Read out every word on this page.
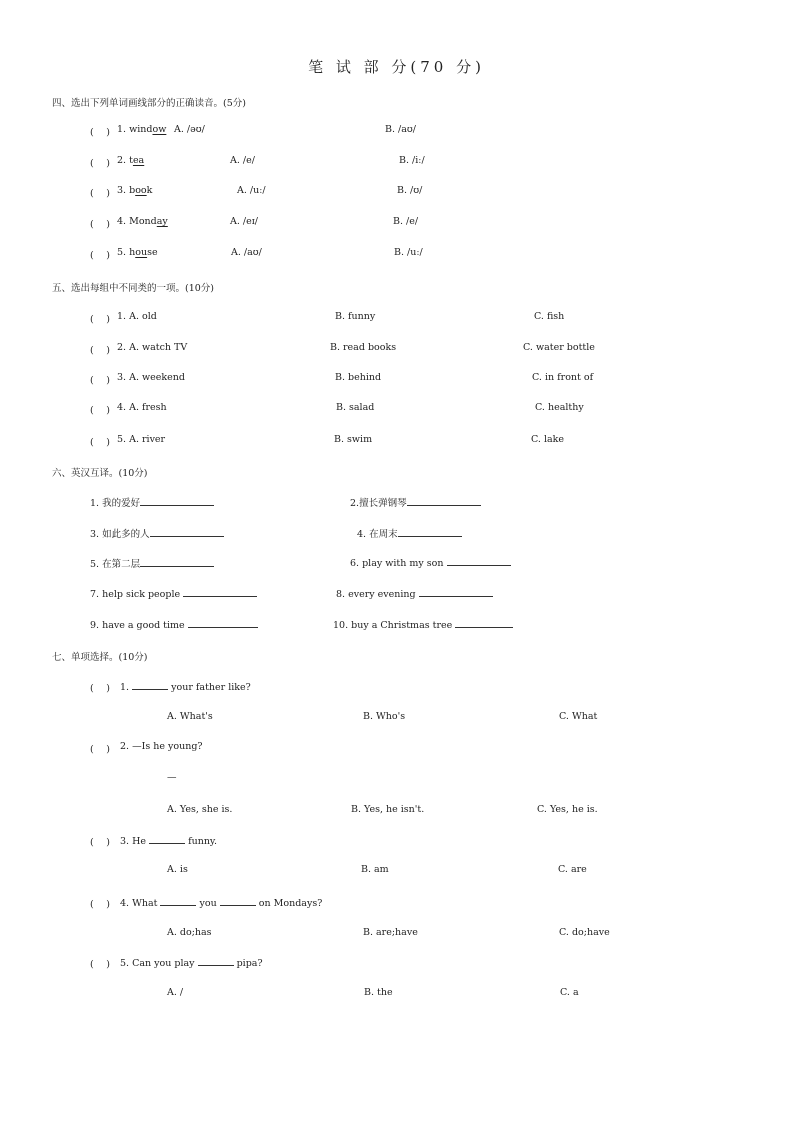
笔 试 部 分(70 分)
四、选出下列单词画线部分的正确读音。(5分)
(　 ) 1. window A. /əʊ/	B. /aʊ/
(　 ) 2. tea	A. /e/	B. /iː/
(　 ) 3. book	A. /uː/	B. /ʊ/
(　 ) 4. Monday	A. /eɪ/	B. /e/
(　 ) 5. house	A. /aʊ/	B. /uː/
五、选出每组中不同类的一项。(10分)
(　 ) 1. A. old	B. funny	C. fish
(　 ) 2. A. watch TV	B. read books	C. water bottle
(　 ) 3. A. weekend	B. behind	C. in front of
(　 ) 4. A. fresh	B. salad	C. healthy
(　 ) 5. A. river	B. swim	C. lake
六、英汉互译。(10分)
1. 我的爱好	2.擅长弹钢琴
3. 如此多的人	4. 在周末
5. 在第二层	6. play with my son
7. help sick people	8. every evening
9. have a good time	10. buy a Christmas tree
七、单项选择。(10分)
(　 ) 1.	your father like?
A. What's	B. Who's	C. What
(　 ) 2. —Is he young?
—
A. Yes, she is.	B. Yes, he isn't.	C. Yes, he is.
(　 ) 3. He	funny.
A. is	B. am	C. are
(　 ) 4. What	you	on Mondays?
A. do;has	B. are;have	C. do;have
(　 ) 5. Can you play	pipa?
A. /	B. the	C. a
